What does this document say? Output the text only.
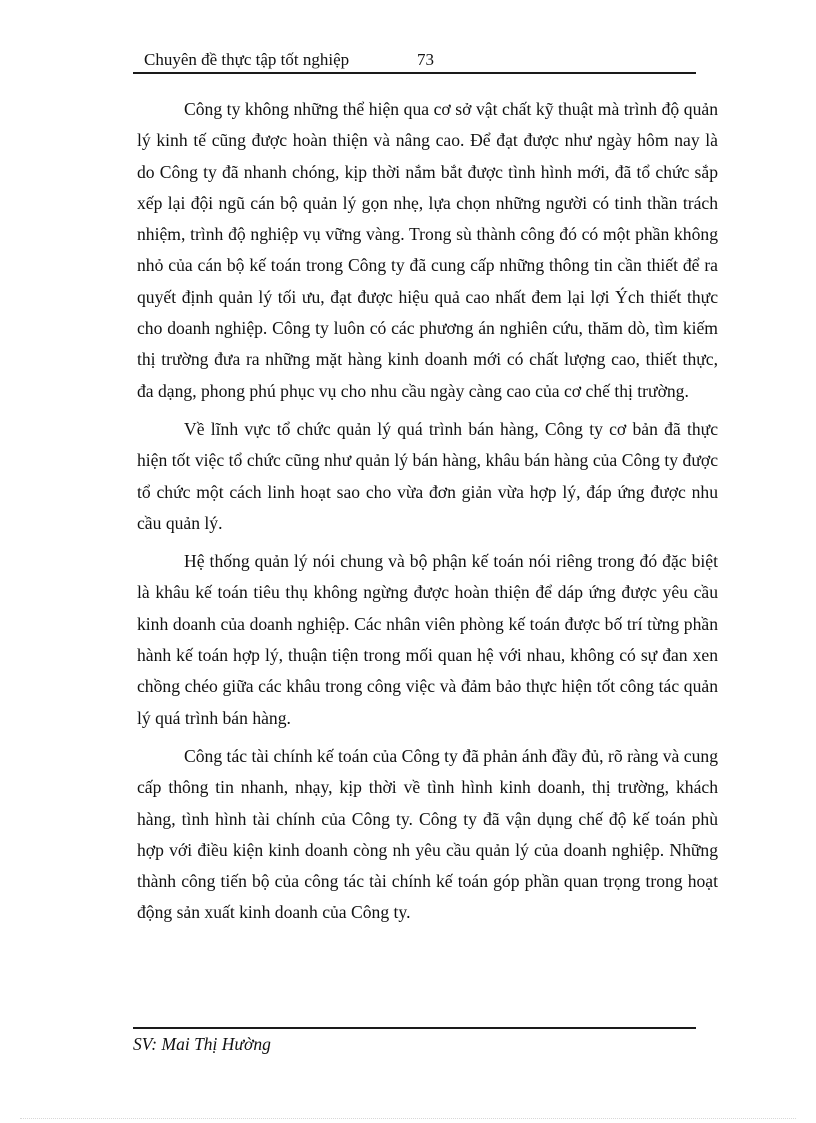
Chuyên đề thực tập tốt nghiệp	73

Công ty không những thể hiện qua cơ sở vật chất kỹ thuật mà trình độ quản lý kinh tế cũng được hoàn thiện và nâng cao. Để đạt được như ngày hôm nay là do Công ty đã nhanh chóng, kịp thời nắm bắt được tình hình mới, đã tổ chức sắp xếp lại đội ngũ cán bộ quản lý gọn nhẹ, lựa chọn những người có tinh thần trách nhiệm, trình độ nghiệp vụ vững vàng. Trong sù thành công đó có một phần không nhỏ của cán bộ kế toán trong Công ty đã cung cấp những thông tin cần thiết để ra quyết định quản lý tối ưu, đạt được hiệu quả cao nhất đem lại lợi Ých thiết thực cho doanh nghiệp. Công ty luôn có các phương án nghiên cứu, thăm dò, tìm kiếm thị trường đưa ra những mặt hàng kinh doanh mới có chất lượng cao, thiết thực, đa dạng, phong phú phục vụ cho nhu cầu ngày càng cao của cơ chế thị trường.

Về lĩnh vực tổ chức quản lý quá trình bán hàng, Công ty cơ bản đã thực hiện tốt việc tổ chức cũng như quản lý bán hàng, khâu bán hàng của Công ty được tổ chức một cách linh hoạt sao cho vừa đơn giản vừa hợp lý, đáp ứng được nhu cầu quản lý.

Hệ thống quản lý nói chung và bộ phận kế toán nói riêng trong đó đặc biệt là khâu kế toán tiêu thụ không ngừng được hoàn thiện để dáp ứng được yêu cầu kinh doanh của doanh nghiệp. Các nhân viên phòng kế toán được bố trí từng phần hành kế toán hợp lý, thuận tiện trong mối quan hệ với nhau, không có sự đan xen chồng chéo giữa các khâu trong công việc và đảm bảo thực hiện tốt công tác quản lý quá trình bán hàng.

Công tác tài chính kế toán của Công ty đã phản ánh đầy đủ, rõ ràng và cung cấp thông tin nhanh, nhạy, kịp thời về tình hình kinh doanh, thị trường, khách hàng, tình hình tài chính của Công ty. Công ty đã vận dụng chế độ kế toán phù hợp với điều kiện kinh doanh còng nh yêu cầu quản lý của doanh nghiệp. Những thành công tiến bộ của công tác tài chính kế toán góp phần quan trọng trong hoạt động sản xuất kinh doanh của Công ty.

SV: Mai Thị Hường
